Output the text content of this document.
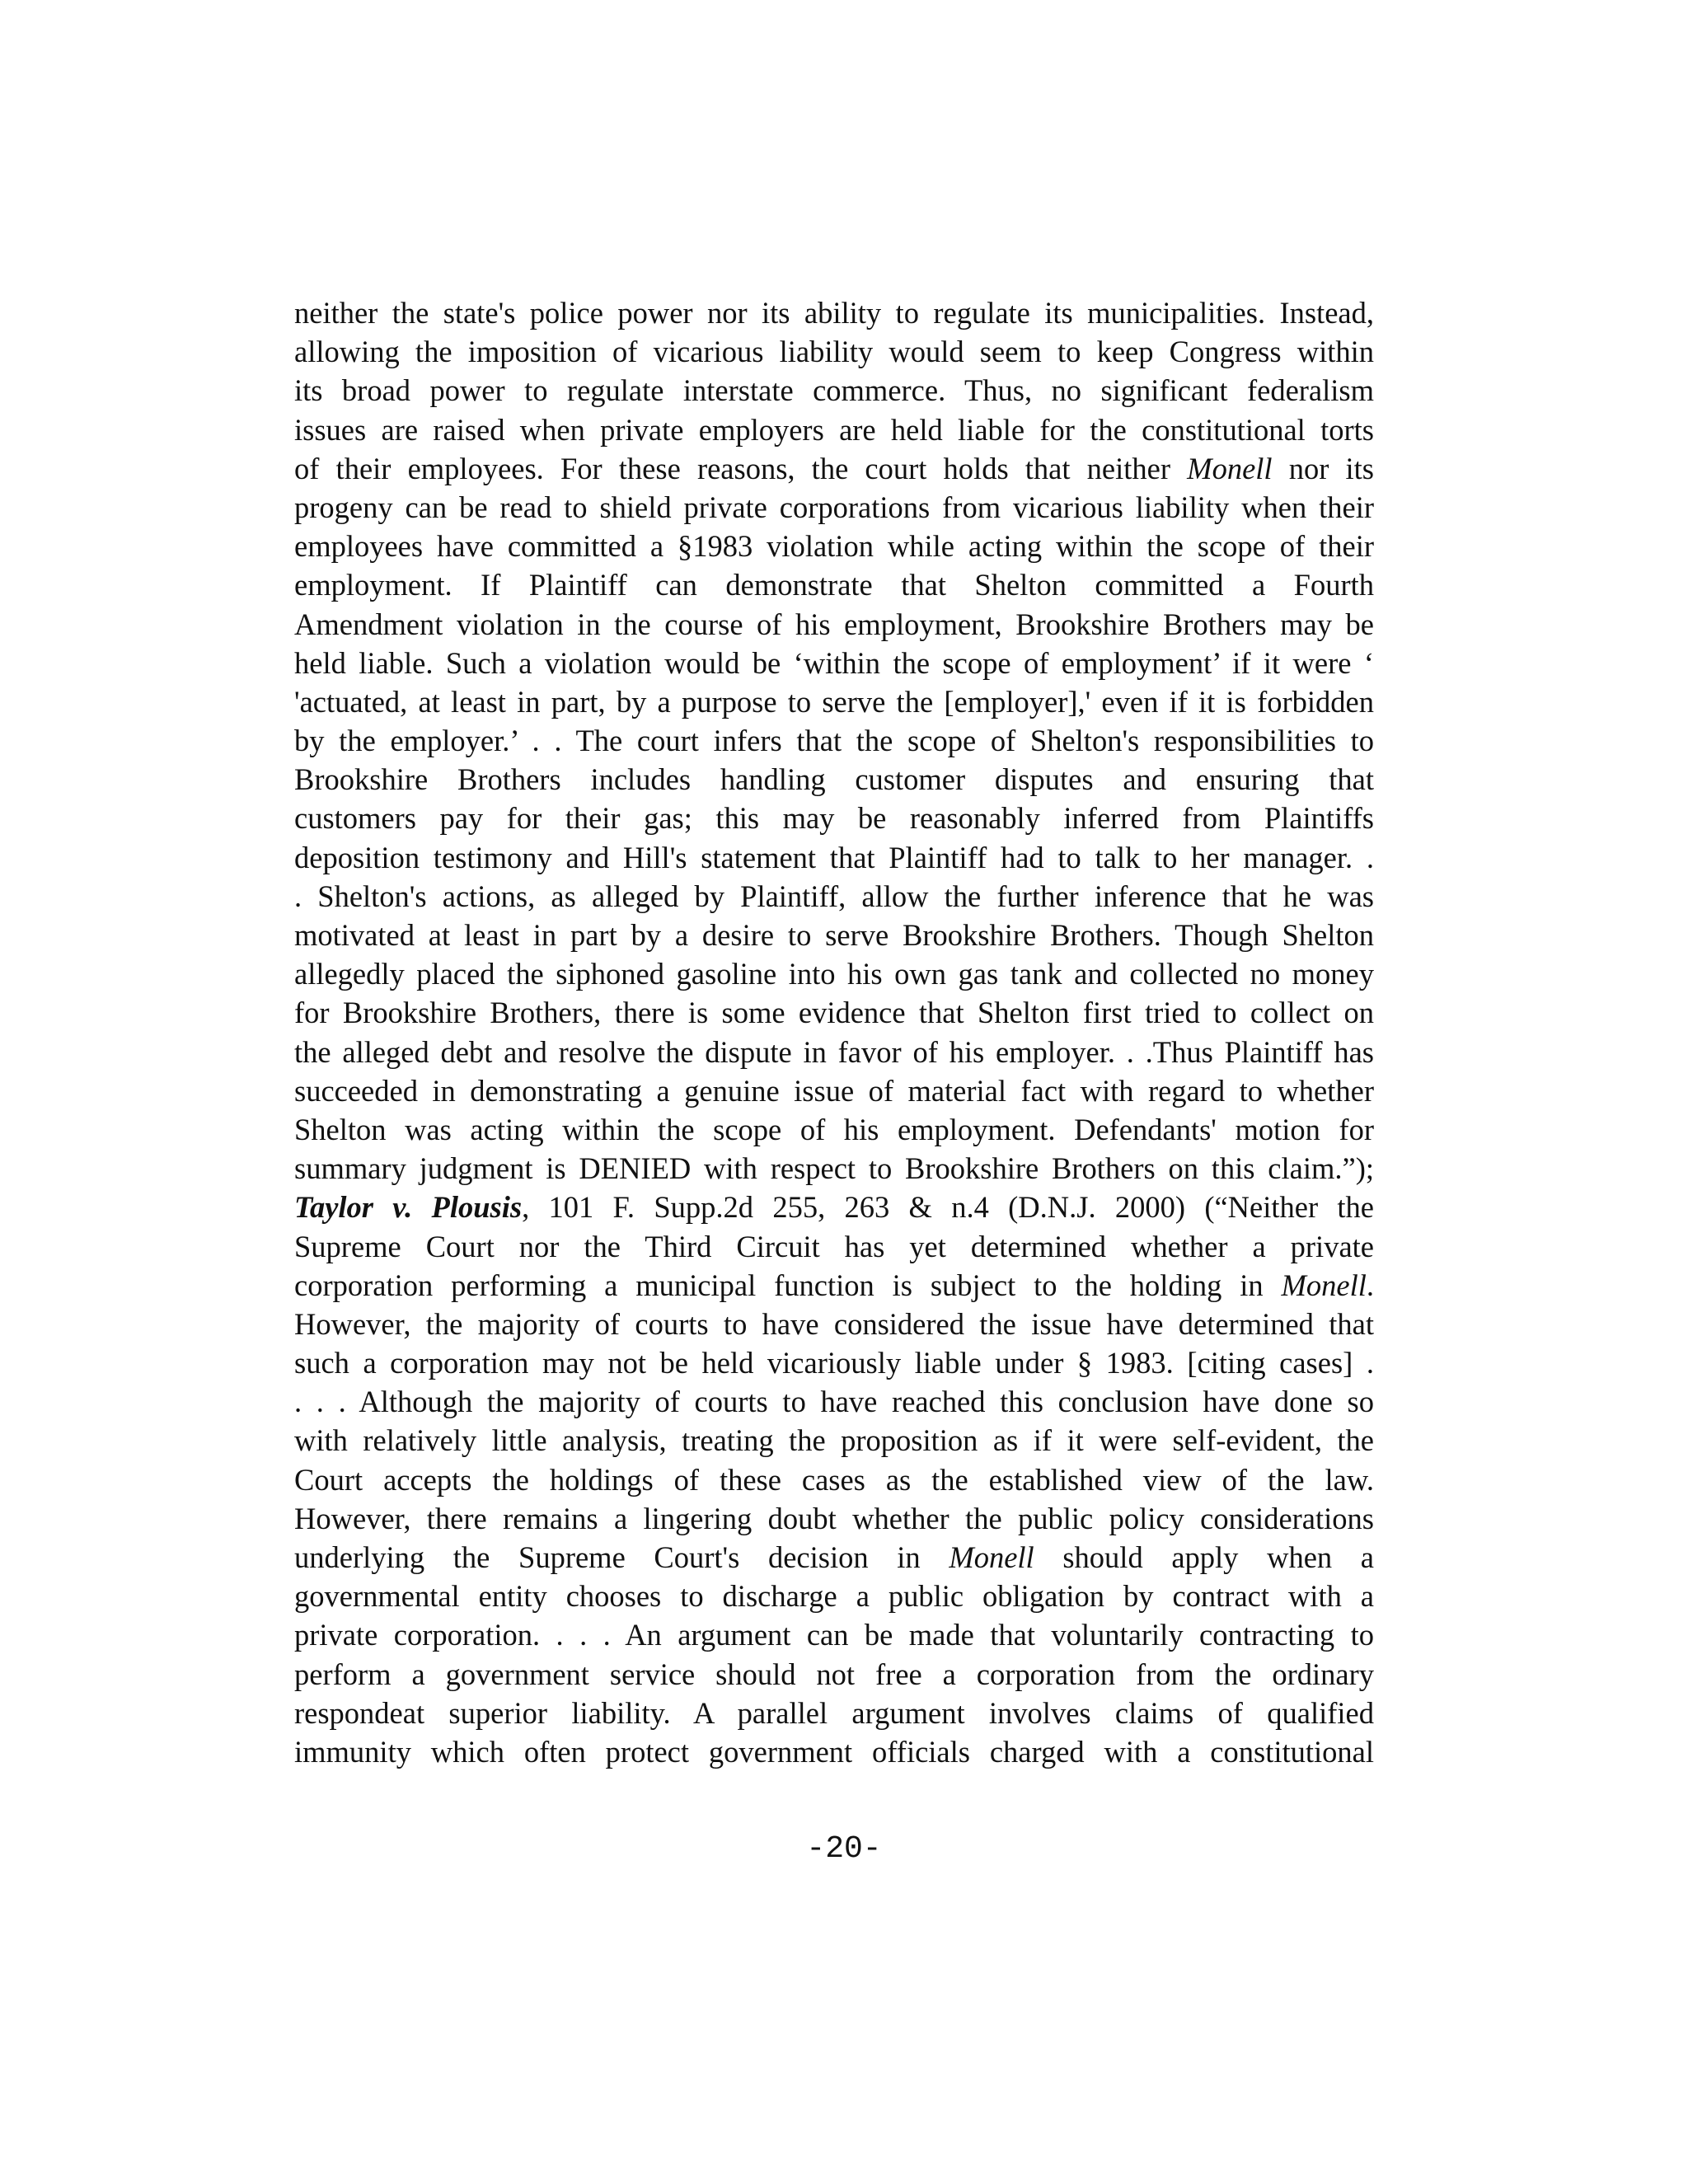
neither the state's police power nor its ability to regulate its municipalities. Instead,
allowing the imposition of vicarious liability would seem to keep Congress within
its broad power to regulate interstate commerce. Thus, no significant federalism
issues are raised when private employers are held liable for the constitutional torts
of their employees. For these reasons, the court holds that neither Monell nor its
progeny can be read to shield private corporations from vicarious liability when their
employees have committed a §1983 violation while acting within the scope of their
employment. If Plaintiff can demonstrate that Shelton committed a Fourth
Amendment violation in the course of his employment, Brookshire Brothers may be
held liable. Such a violation would be ‘within the scope of employment’ if it were ‘
'actuated, at least in part, by a purpose to serve the [employer],' even if it is forbidden
by the employer.’ . . The court infers that the scope of Shelton's responsibilities to
Brookshire Brothers includes handling customer disputes and ensuring that
customers pay for their gas; this may be reasonably inferred from Plaintiffs
deposition testimony and Hill's statement that Plaintiff had to talk to her manager. .
. Shelton's actions, as alleged by Plaintiff, allow the further inference that he was
motivated at least in part by a desire to serve Brookshire Brothers. Though Shelton
allegedly placed the siphoned gasoline into his own gas tank and collected no money
for Brookshire Brothers, there is some evidence that Shelton first tried to collect on
the alleged debt and resolve the dispute in favor of his employer. . .Thus Plaintiff has
succeeded in demonstrating a genuine issue of material fact with regard to whether
Shelton was acting within the scope of his employment. Defendants' motion for
summary judgment is DENIED with respect to Brookshire Brothers on this claim.”);
Taylor v. Plousis, 101 F. Supp.2d 255, 263 & n.4 (D.N.J. 2000) (“Neither the
Supreme Court nor the Third Circuit has yet determined whether a private
corporation performing a municipal function is subject to the holding in Monell.
However, the majority of courts to have considered the issue have determined that
such a corporation may not be held vicariously liable under § 1983. [citing cases] .
. . . Although the majority of courts to have reached this conclusion have done so
with relatively little analysis, treating the proposition as if it were self-evident, the
Court accepts the holdings of these cases as the established view of the law.
However, there remains a lingering doubt whether the public policy considerations
underlying the Supreme Court's decision in Monell should apply when a
governmental entity chooses to discharge a public obligation by contract with a
private corporation. . . . An argument can be made that voluntarily contracting to
perform a government service should not free a corporation from the ordinary
respondeat superior liability. A parallel argument involves claims of qualified
immunity which often protect government officials charged with a constitutional
-20-
